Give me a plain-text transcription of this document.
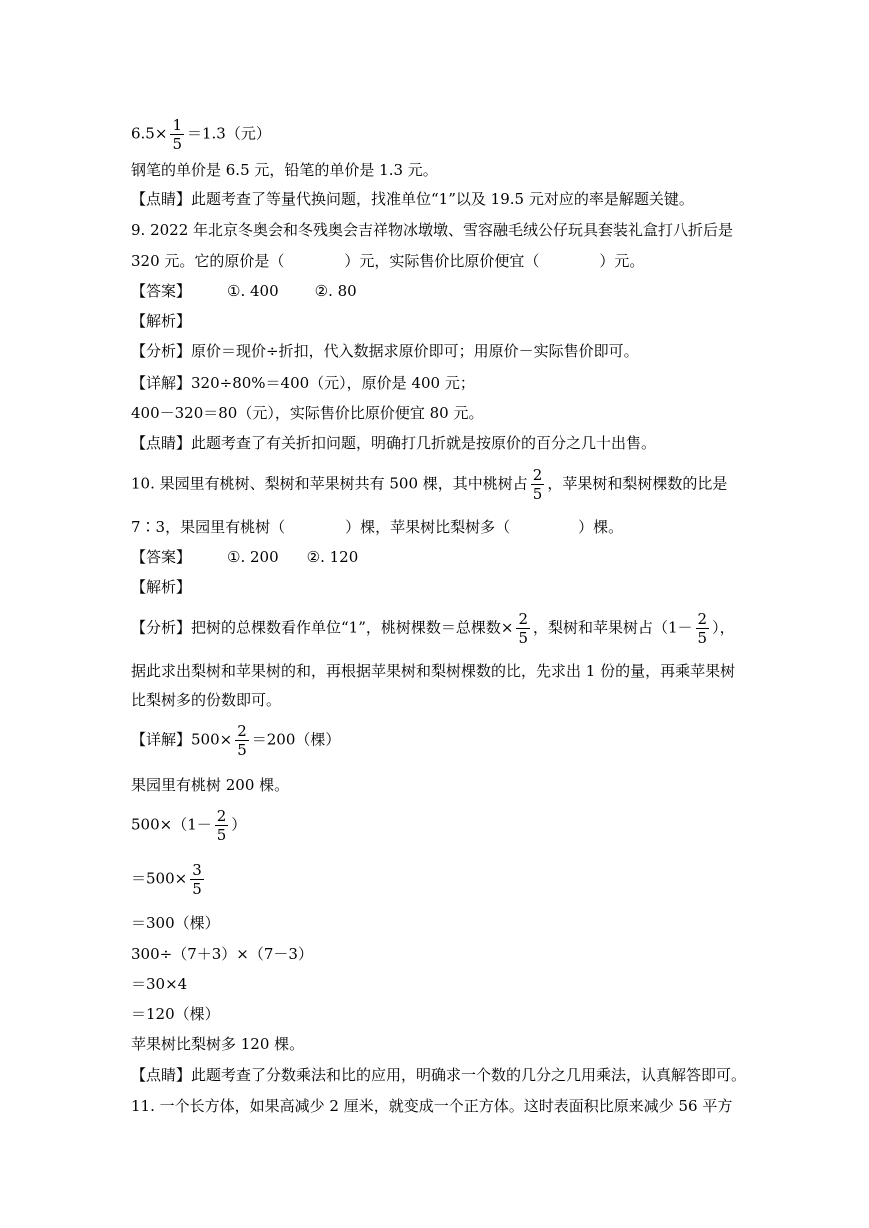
$6.5\times \frac{1}{5} =1.3$（元）
钢笔的单价是 6.5 元，铅笔的单价是 1.3 元。
【点睛】此题考查了等量代换问题，找准单位“1”以及 19.5 元对应的率是解题关键。
9. 2022 年北京冬奥会和冬残奥会吉祥物冰墩墩、雪容融毛绒公仔玩具套装礼盒打八折后是
320 元。它的原价是（	）元，实际售价比原价便宜（	）元。
【答案】 ①. 400 ②. 80
【解析】
【分析】原价＝现价÷折扣，代入数据求原价即可；用原价－实际售价即可。
【详解】320÷80%＝400（元），原价是 400 元；
400－320＝80（元），实际售价比原价便宜 80 元。
【点睛】此题考查了有关折扣问题，明确打几折就是按原价的百分之几十出售。
10. 果园里有桃树、梨树和苹果树共有 500 棵，其中桃树占 $\frac{2}{5}$ ，苹果树和梨树棵数的比是
7∶3，果园里有桃树（	）棵，苹果树比梨树多（	）棵。
【答案】 ①. 200 ②. 120
【解析】
【分析】把树的总棵数看作单位“1”，桃树棵数＝总棵数× $\frac{2}{5}$ ，梨树和苹果树占（$1- \frac{2}{5}$ ），
据此求出梨树和苹果树的和，再根据苹果树和梨树棵数的比，先求出 1 份的量，再乘苹果树
比梨树多的份数即可。
【详解】$500\times \frac{2}{5} =200$（棵）
果园里有桃树 200 棵。
$500\times(1- \frac{2}{5}$ ）
$=500\times \frac{3}{5}$
＝300（棵）
300÷（7＋3）×（7－3）
＝30×4
＝120（棵）
苹果树比梨树多 120 棵。
【点睛】此题考查了分数乘法和比的应用，明确求一个数的几分之几用乘法，认真解答即可。
11. 一个长方体，如果高减少 2 厘米，就变成一个正方体。这时表面积比原来减少 56 平方
